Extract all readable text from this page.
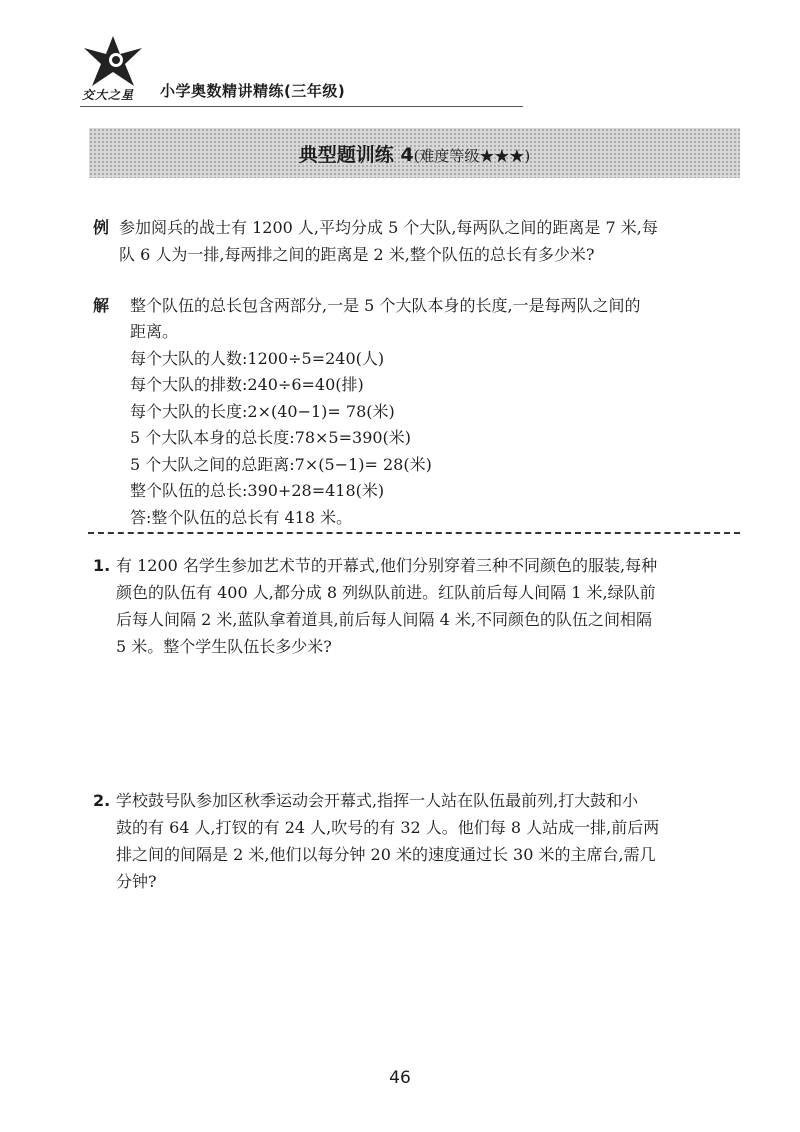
交大之星 小学奥数精讲精练(三年级)
典型题训练 4(难度等级★★★)
例 参加阅兵的战士有 1200 人,平均分成 5 个大队,每两队之间的距离是 7 米,每
队 6 人为一排,每两排之间的距离是 2 米,整个队伍的总长有多少米?
解 整个队伍的总长包含两部分,一是 5 个大队本身的长度,一是每两队之间的
距离。
每个大队的人数:1200÷5=240(人)
每个大队的排数:240÷6=40(排)
每个大队的长度:2×(40−1)= 78(米)
5 个大队本身的总长度:78×5=390(米)
5 个大队之间的总距离:7×(5−1)= 28(米)
整个队伍的总长:390+28=418(米)
答:整个队伍的总长有 418 米。
1. 有 1200 名学生参加艺术节的开幕式,他们分别穿着三种不同颜色的服装,每种
颜色的队伍有 400 人,都分成 8 列纵队前进。红队前后每人间隔 1 米,绿队前
后每人间隔 2 米,蓝队拿着道具,前后每人间隔 4 米,不同颜色的队伍之间相隔
5 米。整个学生队伍长多少米?
2. 学校鼓号队参加区秋季运动会开幕式,指挥一人站在队伍最前列,打大鼓和小
鼓的有 64 人,打钗的有 24 人,吹号的有 32 人。他们每 8 人站成一排,前后两
排之间的间隔是 2 米,他们以每分钟 20 米的速度通过长 30 米的主席台,需几
分钟?
46
